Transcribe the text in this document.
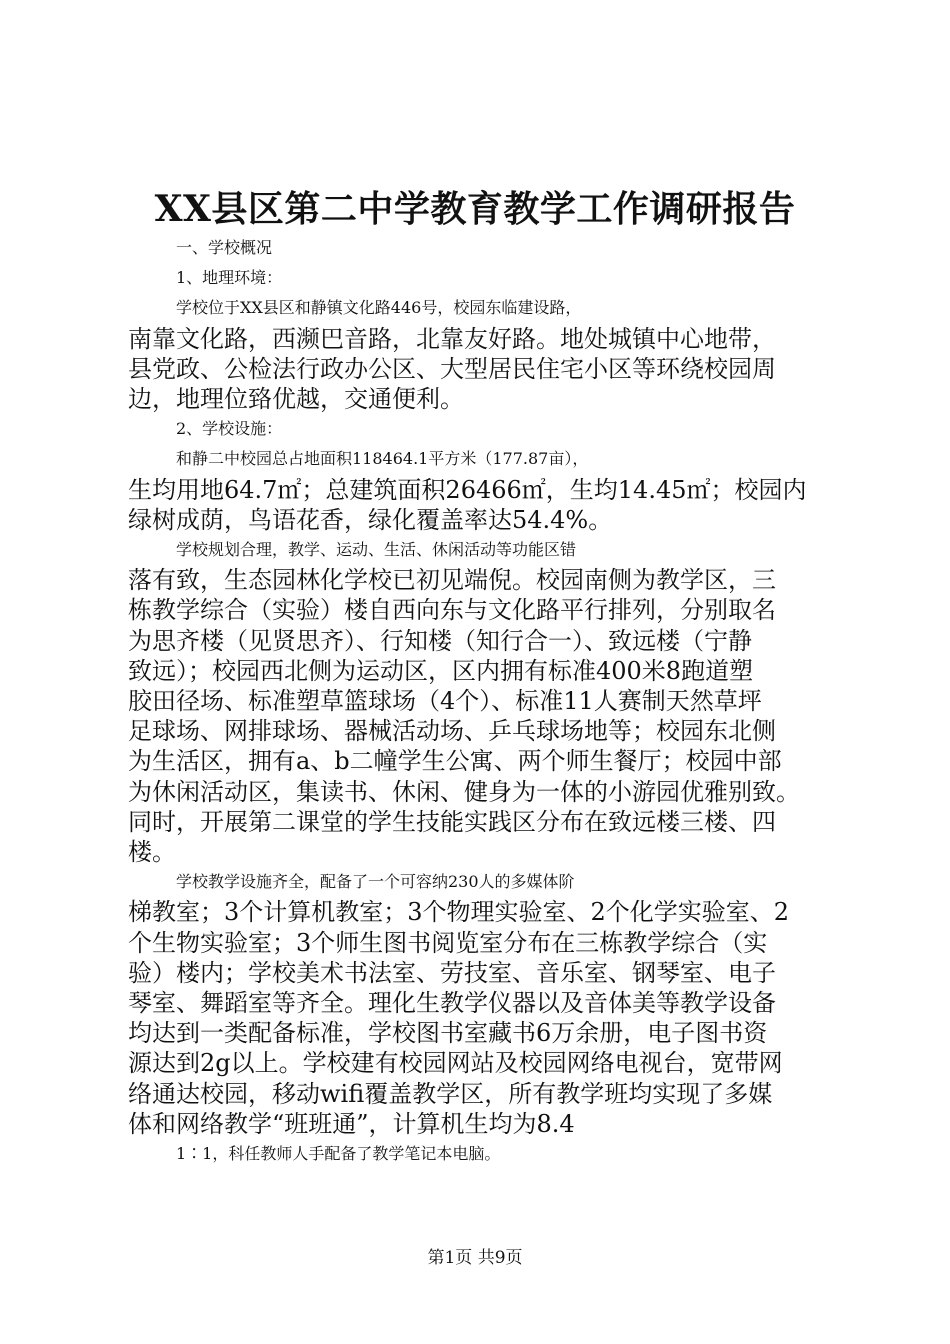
XX县区第二中学教育教学工作调研报告

一、学校概况

1、地理环境：

学校位于XX县区和静镇文化路446号，校园东临建设路，

南靠文化路，西濒巴音路，北靠友好路。地处城镇中心地带，

县党政、公检法行政办公区、大型居民住宅小区等环绕校园周

边，地理位臵优越，交通便利。

2、学校设施：

和静二中校园总占地面积118464.1平方米（177.87亩），

生均用地64.7㎡；总建筑面积26466㎡，生均14.45㎡；校园内

绿树成荫，鸟语花香，绿化覆盖率达54.4%。

学校规划合理，教学、运动、生活、休闲活动等功能区错

落有致，生态园林化学校已初见端倪。校园南侧为教学区，三

栋教学综合（实验）楼自西向东与文化路平行排列，分别取名

为思齐楼（见贤思齐）、行知楼（知行合一）、致远楼（宁静

致远）；校园西北侧为运动区，区内拥有标准400米8跑道塑

胶田径场、标准塑草篮球场（4个）、标准11人赛制天然草坪

足球场、网排球场、器械活动场、乒乓球场地等；校园东北侧

为生活区，拥有a、b二幢学生公寓、两个师生餐厅；校园中部

为休闲活动区，集读书、休闲、健身为一体的小游园优雅别致。

同时，开展第二课堂的学生技能实践区分布在致远楼三楼、四

楼。

学校教学设施齐全，配备了一个可容纳230人的多媒体阶

梯教室；3个计算机教室；3个物理实验室、2个化学实验室、2

个生物实验室；3个师生图书阅览室分布在三栋教学综合（实

验）楼内；学校美术书法室、劳技室、音乐室、钢琴室、电子

琴室、舞蹈室等齐全。理化生教学仪器以及音体美等教学设备

均达到一类配备标准，学校图书室藏书6万余册，电子图书资

源达到2g以上。学校建有校园网站及校园网络电视台，宽带网

络通达校园，移动wifi覆盖教学区，所有教学班均实现了多媒

体和网络教学“班班通”，计算机生均为8.4

1∶1，科任教师人手配备了教学笔记本电脑。

第1页 共9页
